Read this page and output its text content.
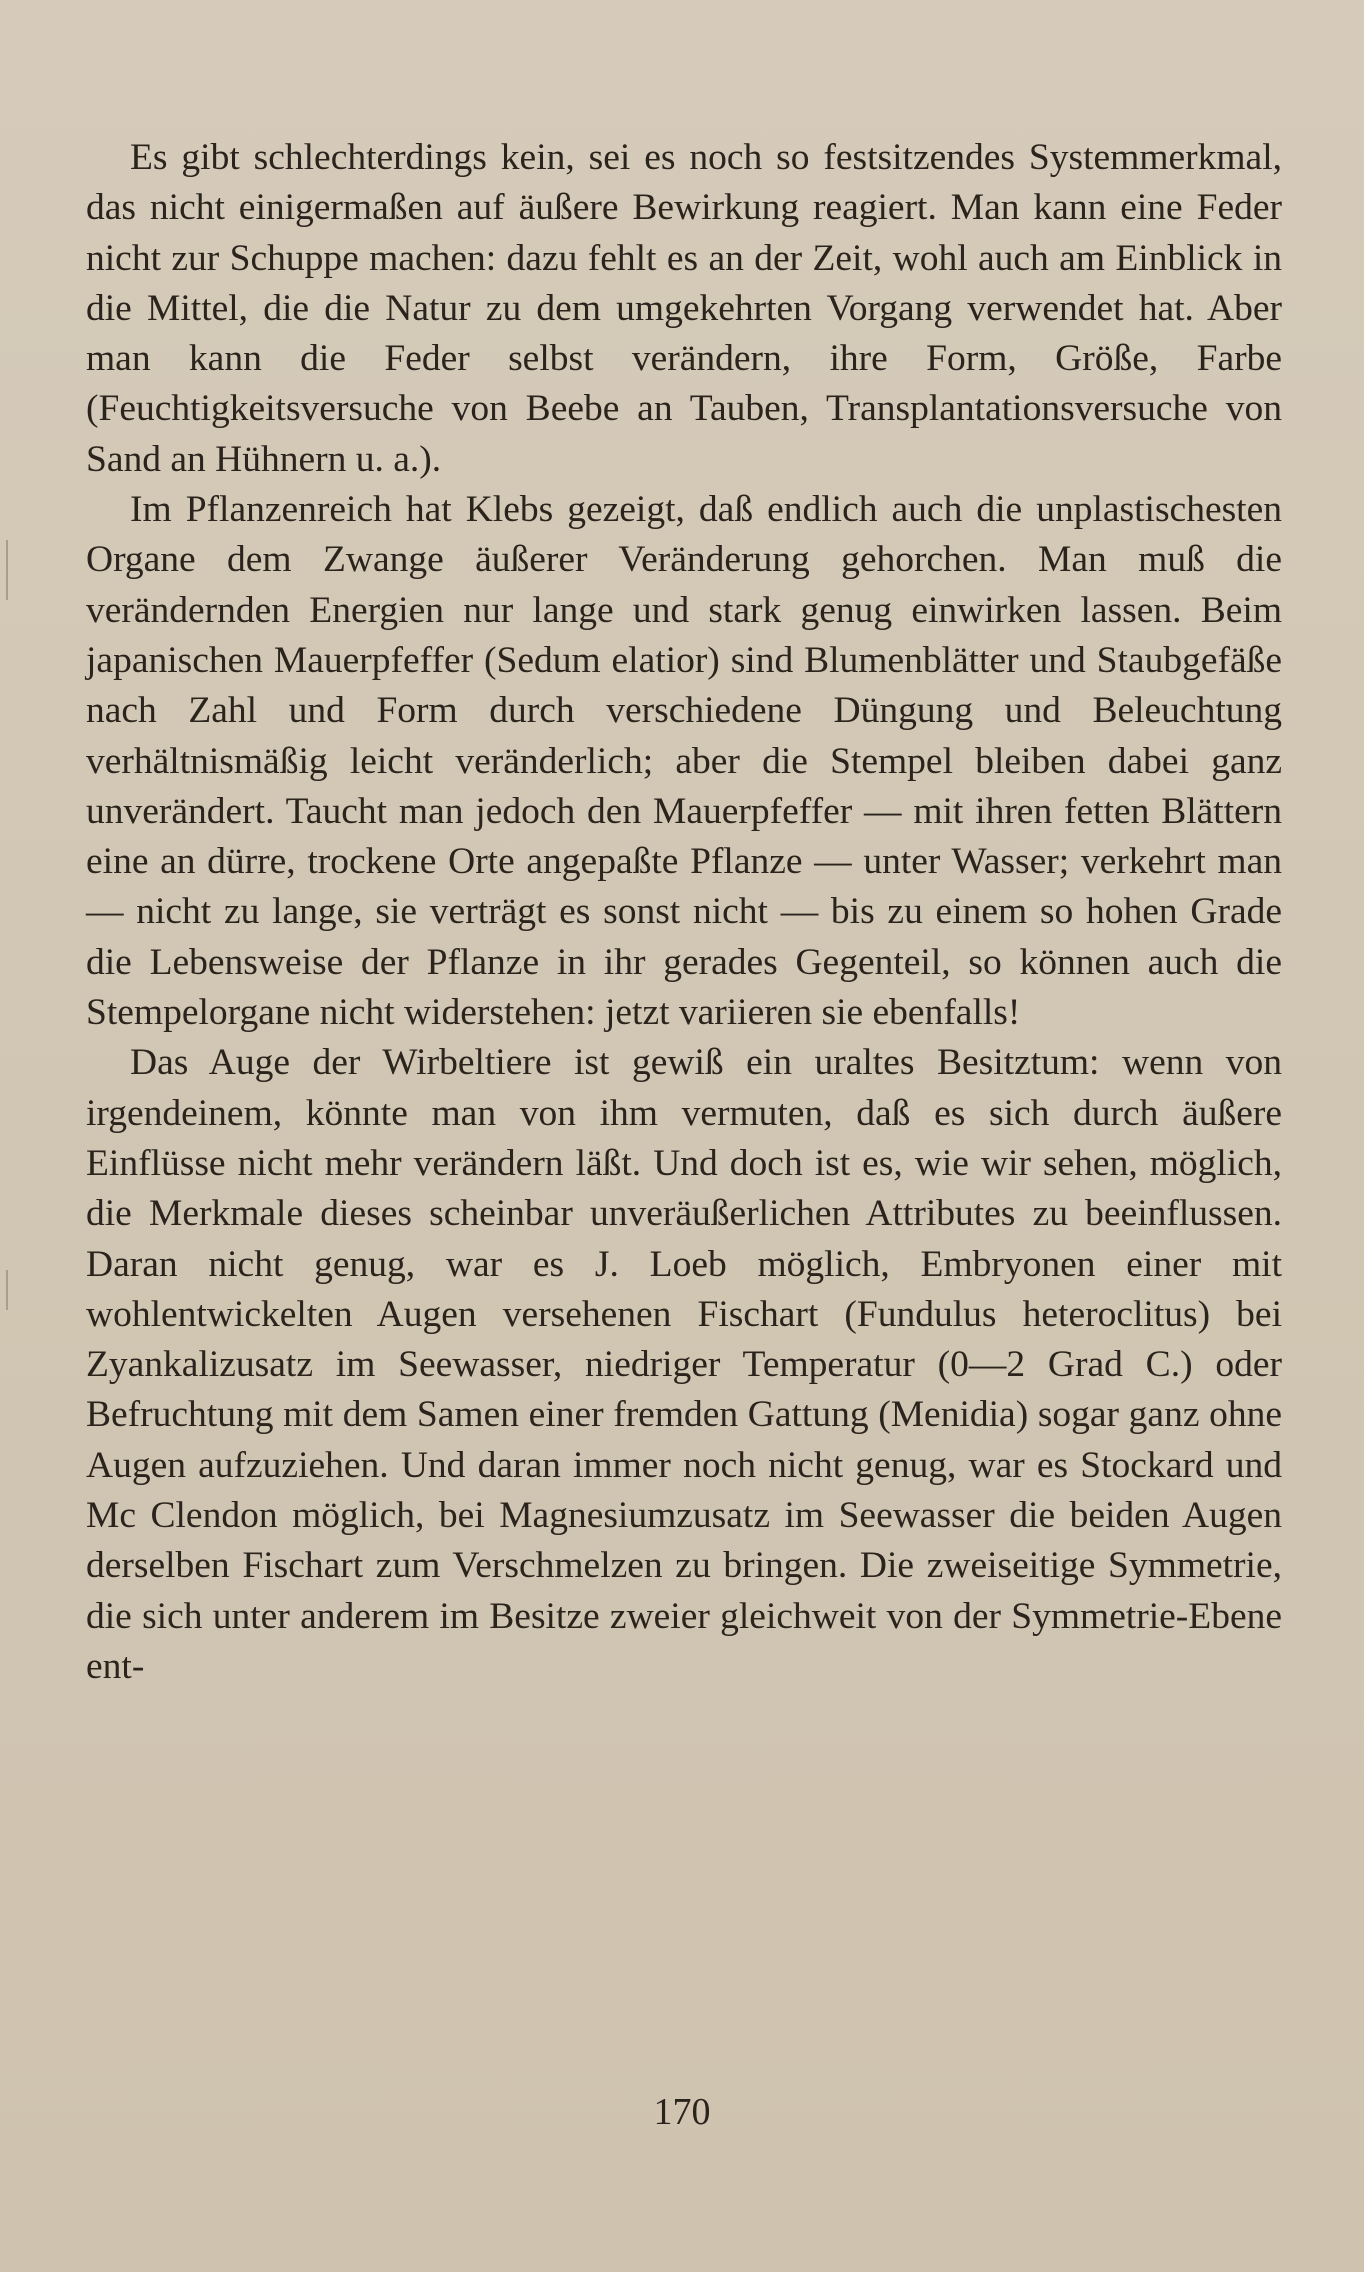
Es gibt schlechterdings kein, sei es noch so festsitzendes Systemmerkmal, das nicht einigermaßen auf äußere Bewirkung reagiert. Man kann eine Feder nicht zur Schuppe machen: dazu fehlt es an der Zeit, wohl auch am Einblick in die Mittel, die die Natur zu dem umgekehrten Vorgang verwendet hat. Aber man kann die Feder selbst verändern, ihre Form, Größe, Farbe (Feuchtigkeitsversuche von Beebe an Tauben, Transplantationsversuche von Sand an Hühnern u. a.).

Im Pflanzenreich hat Klebs gezeigt, daß endlich auch die unplastischesten Organe dem Zwange äußerer Veränderung gehorchen. Man muß die verändernden Energien nur lange und stark genug einwirken lassen. Beim japanischen Mauerpfeffer (Sedum elatior) sind Blumenblätter und Staubgefäße nach Zahl und Form durch verschiedene Düngung und Beleuchtung verhältnismäßig leicht veränderlich; aber die Stempel bleiben dabei ganz unverändert. Taucht man jedoch den Mauerpfeffer — mit ihren fetten Blättern eine an dürre, trockene Orte angepaßte Pflanze — unter Wasser; verkehrt man — nicht zu lange, sie verträgt es sonst nicht — bis zu einem so hohen Grade die Lebensweise der Pflanze in ihr gerades Gegenteil, so können auch die Stempelorgane nicht widerstehen: jetzt variieren sie ebenfalls!

Das Auge der Wirbeltiere ist gewiß ein uraltes Besitztum: wenn von irgendeinem, könnte man von ihm vermuten, daß es sich durch äußere Einflüsse nicht mehr verändern läßt. Und doch ist es, wie wir sehen, möglich, die Merkmale dieses scheinbar unveräußerlichen Attributes zu beeinflussen. Daran nicht genug, war es J. Loeb möglich, Embryonen einer mit wohlentwickelten Augen versehenen Fischart (Fundulus heteroclitus) bei Zyankalizusatz im Seewasser, niedriger Temperatur (0—2 Grad C.) oder Befruchtung mit dem Samen einer fremden Gattung (Menidia) sogar ganz ohne Augen aufzuziehen. Und daran immer noch nicht genug, war es Stockard und Mc Clendon möglich, bei Magnesiumzusatz im Seewasser die beiden Augen derselben Fischart zum Verschmelzen zu bringen. Die zweiseitige Symmetrie, die sich unter anderem im Besitze zweier gleichweit von der Symmetrie-Ebene ent-

170
